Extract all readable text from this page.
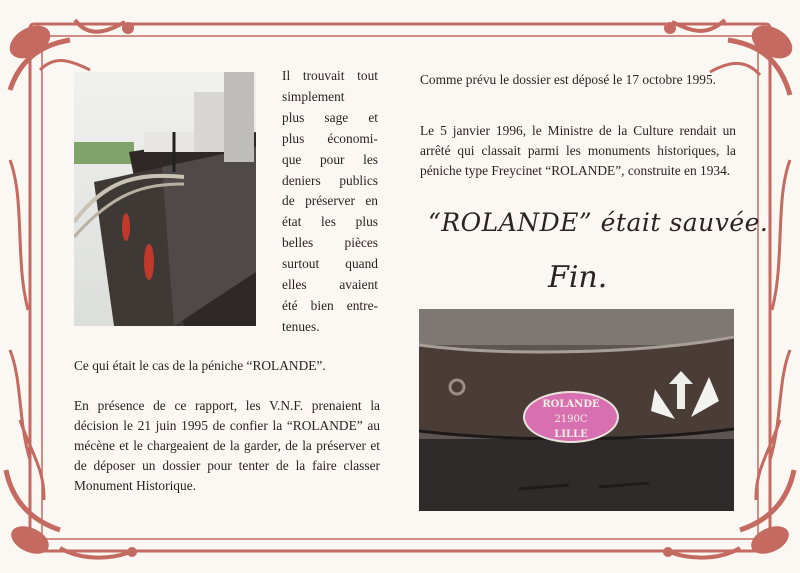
Il trouvait tout
simplement
plus sage et
plus économi-
que pour les
deniers publics
de préserver en
état les plus
belles pièces
surtout quand
elles avaient
été bien entre-
tenues.
Ce qui était le cas de la péniche “ROLANDE”.
En présence de ce rapport, les V.N.F. prenaient la décision le 21 juin 1995 de confier la “ROLANDE” au mécène et le chargeaient de la garder, de la préserver et de déposer un dossier pour tenter de la faire classer Monument Historique.
Comme prévu le dossier est déposé le 17 octobre 1995.
Le 5 janvier 1996, le Ministre de la Culture rendait un arrêté qui classait parmi les monuments historiques, la péniche type Freycinet “ROLANDE”, construite en 1934.
“ROLANDE” était sauvée.
Fin.
ROLANDE
2190C
LILLE
